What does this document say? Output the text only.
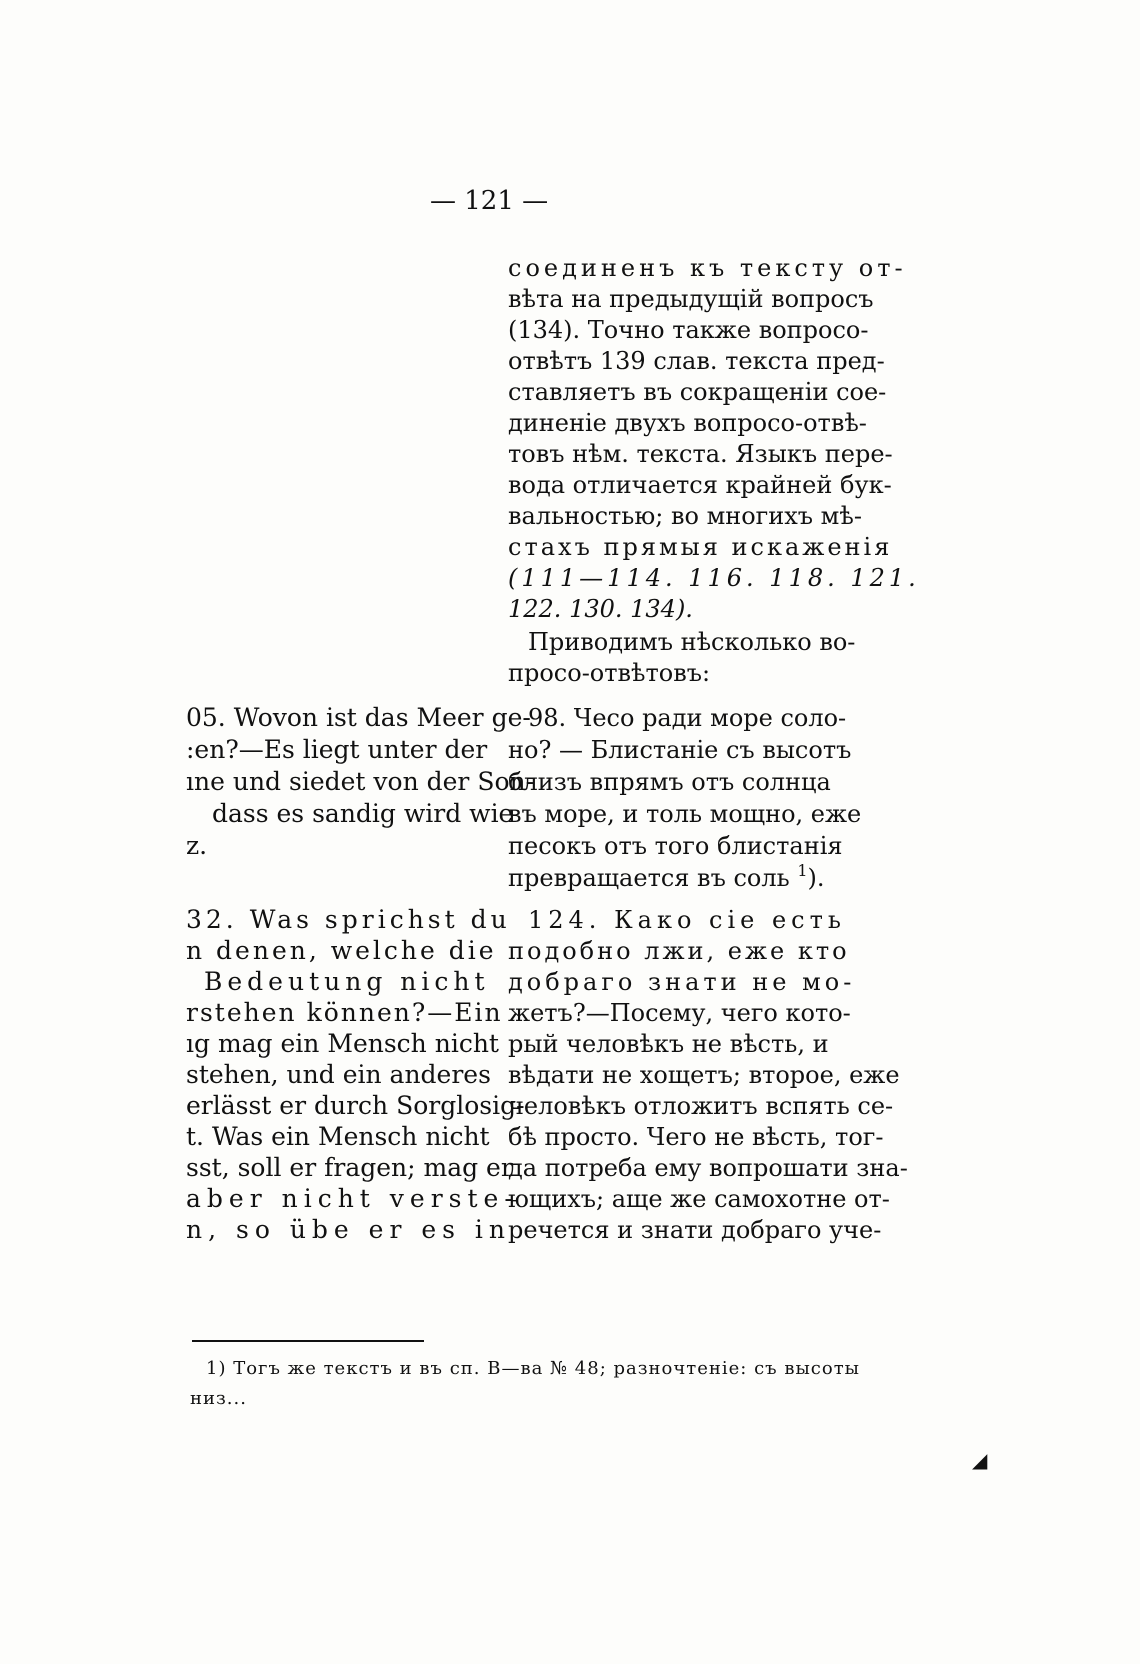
— 121 —
соединенъ къ тексту от-
вѣта на предыдущій вопросъ
(134). Точно также вопросо-
отвѣтъ 139 слав. текста пред-
ставляетъ въ сокращеніи сое-
диненіе двухъ вопросо-отвѣ-
товъ нѣм. текста. Языкъ перe-
вода отличается крайней бук-
вальностью; во многихъ мѣ-
стахъ прямыя искаженія
(111—114. 116. 118. 121.
122. 130. 134).
Приводимъ нѣсколько во-
просо-отвѣтовъ:
05. Wovon ist das Meer ge-
:en?—Es liegt unter der
ıne und siedet von der Son-
dass es sandig wird wie
z.
98. Чесо ради море соло-
но? — Блистаніе съ высотъ
близъ впрямъ отъ солнца
въ море, и толь мощно, еже
песокъ отъ того блистанія
превращается въ соль $^1$).
32. Was sprichst du
n denen, welche die
Bedeutung nicht
rstehen können?—Ein
ıg mag ein Mensch nicht
stehen, und ein anderes
erlässt er durch Sorglosig-
t. Was ein Mensch nicht
sst, soll er fragen; mag er
aber nicht verste-
n, so übe er es in
124. Како сіе есть
подобно лжи, еже кто
добраго знати не мо-
жетъ?—Посему, чего кото-
рый человѣкъ не вѣсть, и
вѣдати не хощетъ; второе, еже
человѣкъ отложитъ вспять се-
бѣ просто. Чего не вѣсть, тог-
да потреба ему вопрошати зна-
ющихъ; аще же самохотне от-
речется и знати добраго уче-
1) Тогъ же текстъ и въ сп. В—ва № 48; разночтеніе: съ высоты
низ...
◢
